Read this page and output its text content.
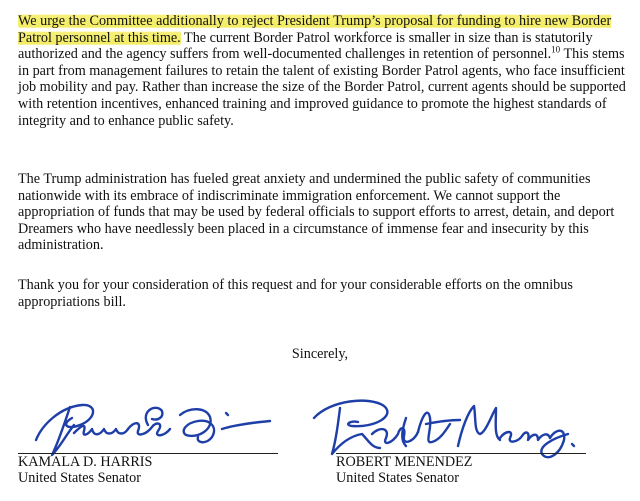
We urge the Committee additionally to reject President Trump’s proposal for funding to hire new Border Patrol personnel at this time. The current Border Patrol workforce is smaller in size than is statutorily authorized and the agency suffers from well-documented challenges in retention of personnel.$^{10}$ This stems in part from management failures to retain the talent of existing Border Patrol agents, who face insufficient job mobility and pay. Rather than increase the size of the Border Patrol, current agents should be supported with retention incentives, enhanced training and improved guidance to promote the highest standards of integrity and to enhance public safety.

The Trump administration has fueled great anxiety and undermined the public safety of communities nationwide with its embrace of indiscriminate immigration enforcement. We cannot support the appropriation of funds that may be used by federal officials to support efforts to arrest, detain, and deport Dreamers who have needlessly been placed in a circumstance of immense fear and insecurity by this administration.

Thank you for your consideration of this request and for your considerable efforts on the omnibus appropriations bill.

Sincerely,
KAMALA D. HARRIS
United States Senator
ROBERT MENENDEZ
United States Senator
